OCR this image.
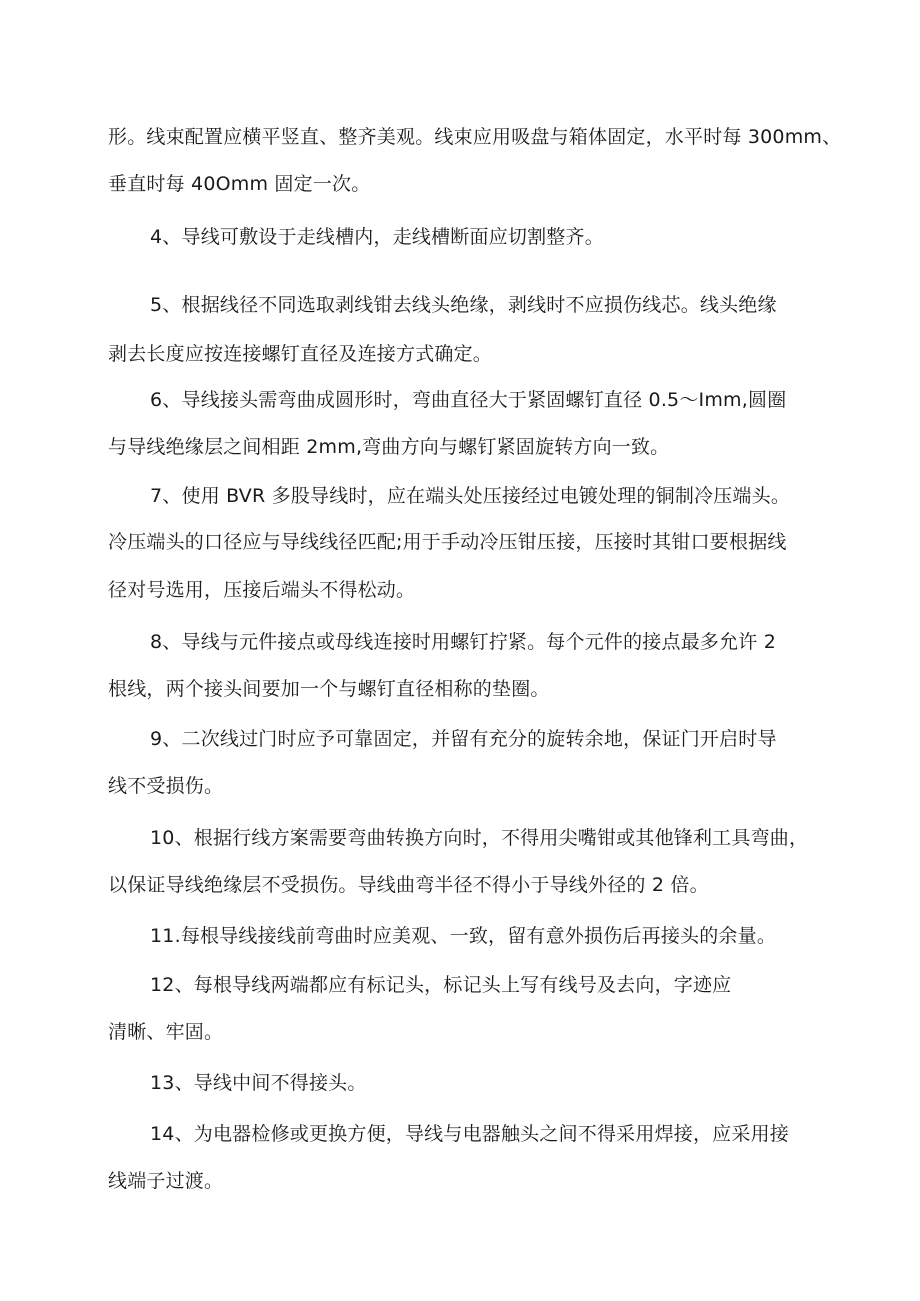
形。线束配置应横平竖直、整齐美观。线束应用吸盘与箱体固定，水平时每 300mm、
垂直时每 40Omm 固定一次。
4、导线可敷设于走线槽内，走线槽断面应切割整齐。
5、根据线径不同选取剥线钳去线头绝缘，剥线时不应损伤线芯。线头绝缘
剥去长度应按连接螺钉直径及连接方式确定。
6、导线接头需弯曲成圆形时，弯曲直径大于紧固螺钉直径 0.5～Imm,圆圈
与导线绝缘层之间相距 2mm,弯曲方向与螺钉紧固旋转方向一致。
7、使用 BVR 多股导线时，应在端头处压接经过电镀处理的铜制冷压端头。
冷压端头的口径应与导线线径匹配;用于手动冷压钳压接，压接时其钳口要根据线
径对号选用，压接后端头不得松动。
8、导线与元件接点或母线连接时用螺钉拧紧。每个元件的接点最多允许 2
根线，两个接头间要加一个与螺钉直径相称的垫圈。
9、二次线过门时应予可靠固定，并留有充分的旋转余地，保证门开启时导
线不受损伤。
10、根据行线方案需要弯曲转换方向时，不得用尖嘴钳或其他锋利工具弯曲，
以保证导线绝缘层不受损伤。导线曲弯半径不得小于导线外径的 2 倍。
11.每根导线接线前弯曲时应美观、一致，留有意外损伤后再接头的余量。
12、每根导线两端都应有标记头，标记头上写有线号及去向，字迹应
清晰、牢固。
13、导线中间不得接头。
14、为电器检修或更换方便，导线与电器触头之间不得采用焊接，应采用接
线端子过渡。
